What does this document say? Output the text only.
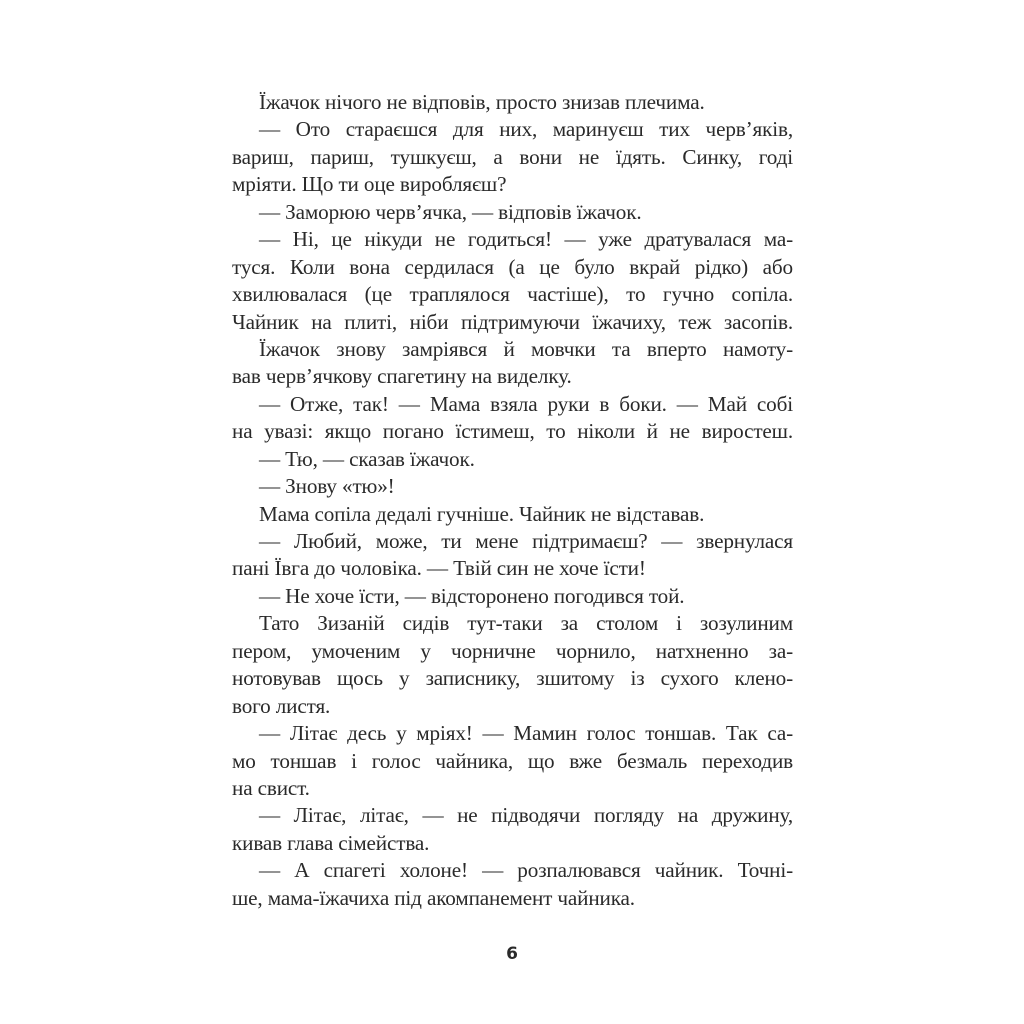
Їжачок нічого не відповів, просто знизав плечима.
— Ото стараєшся для них, маринуєш тих черв’яків,
вариш, париш, тушкуєш, а вони не їдять. Синку, годі
мріяти. Що ти оце виробляєш?
— Заморюю черв’ячка, — відповів їжачок.
— Ні, це нікуди не годиться! — уже дратувалася ма-
туся. Коли вона сердилася (а це було вкрай рідко) або
хвилювалася (це траплялося частіше), то гучно сопіла.
Чайник на плиті, ніби підтримуючи їжачиху, теж засопів.
Їжачок знову замріявся й мовчки та вперто намоту-
вав черв’ячкову спагетину на виделку.
— Отже, так! — Мама взяла руки в боки. — Май собі
на увазі: якщо погано їстимеш, то ніколи й не виростеш.
— Тю, — сказав їжачок.
— Знову «тю»!
Мама сопіла дедалі гучніше. Чайник не відставав.
— Любий, може, ти мене підтримаєш? — звернулася
пані Ївга до чоловіка. — Твій син не хоче їсти!
— Не хоче їсти, — відсторонено погодився той.
Тато Зизаній сидів тут-таки за столом і зозулиним
пером, умоченим у чорничне чорнило, натхненно за-
нотовував щось у записнику, зшитому із сухого клено-
вого листя.
— Літає десь у мріях! — Мамин голос тоншав. Так са-
мо тоншав і голос чайника, що вже безмаль переходив
на свист.
— Літає, літає, — не підводячи погляду на дружину,
кивав глава сімейства.
— А спагеті холоне! — розпалювався чайник. Точні-
ше, мама-їжачиха під акомпанемент чайника.
6
